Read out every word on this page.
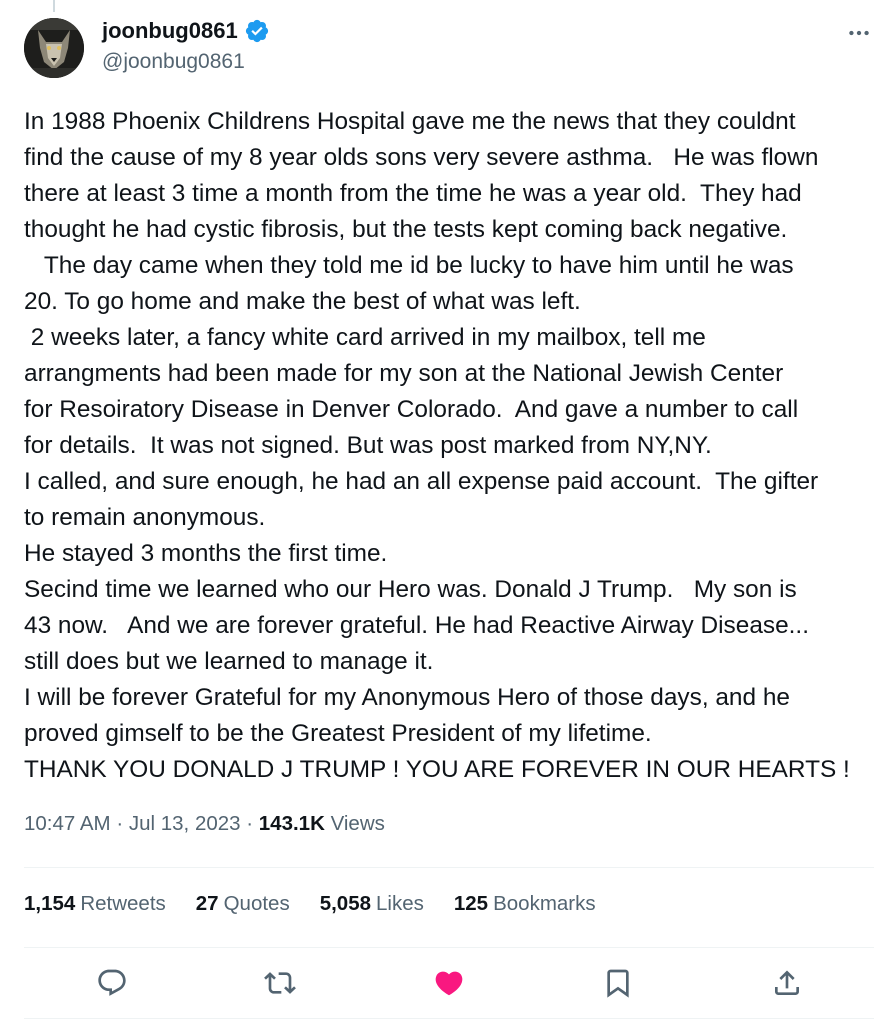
joonbug0861
@joonbug0861
In 1988 Phoenix Childrens Hospital gave me the news that they couldnt
find the cause of my 8 year olds sons very severe asthma.   He was flown
there at least 3 time a month from the time he was a year old.  They had
thought he had cystic fibrosis, but the tests kept coming back negative.
The day came when they told me id be lucky to have him until he was
20. To go home and make the best of what was left.
2 weeks later, a fancy white card arrived in my mailbox, tell me
arrangments had been made for my son at the National Jewish Center
for Resoiratory Disease in Denver Colorado.  And gave a number to call
for details.  It was not signed. But was post marked from NY,NY.
I called, and sure enough, he had an all expense paid account.  The gifter
to remain anonymous.
He stayed 3 months the first time.
Secind time we learned who our Hero was. Donald J Trump.   My son is
43 now.   And we are forever grateful. He had Reactive Airway Disease...
still does but we learned to manage it.
I will be forever Grateful for my Anonymous Hero of those days, and he
proved gimself to be the Greatest President of my lifetime.
THANK YOU DONALD J TRUMP ! YOU ARE FOREVER IN OUR HEARTS !
10:47 AM · Jul 13, 2023 · 143.1K Views
1,154 Retweets 27 Quotes 5,058 Likes 125 Bookmarks
